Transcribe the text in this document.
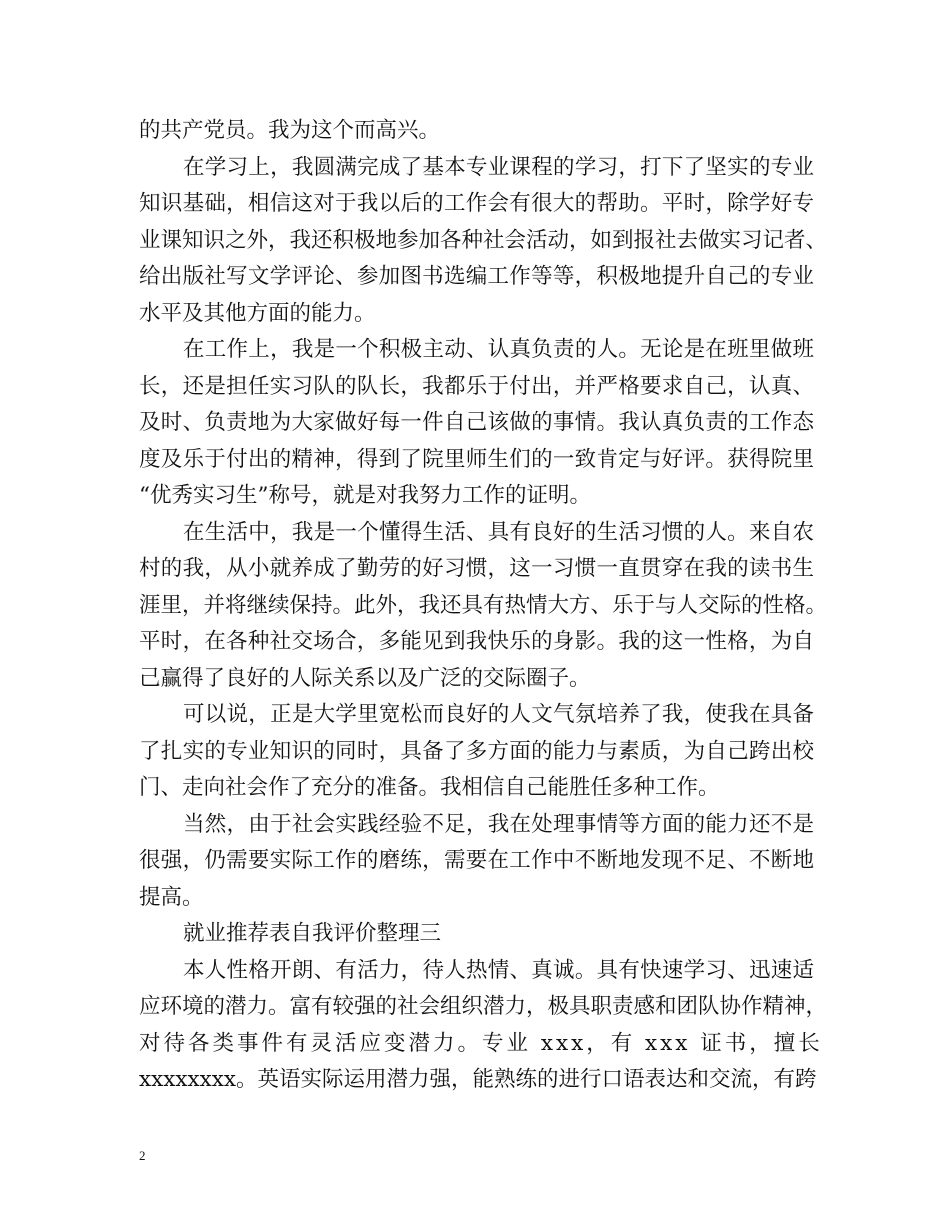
的共产党员。我为这个而高兴。
在学习上，我圆满完成了基本专业课程的学习，打下了坚实的专业
知识基础，相信这对于我以后的工作会有很大的帮助。平时，除学好专
业课知识之外，我还积极地参加各种社会活动，如到报社去做实习记者、
给出版社写文学评论、参加图书选编工作等等，积极地提升自己的专业
水平及其他方面的能力。
在工作上，我是一个积极主动、认真负责的人。无论是在班里做班
长，还是担任实习队的队长，我都乐于付出，并严格要求自己，认真、
及时、负责地为大家做好每一件自己该做的事情。我认真负责的工作态
度及乐于付出的精神，得到了院里师生们的一致肯定与好评。获得院里
“优秀实习生”称号，就是对我努力工作的证明。
在生活中，我是一个懂得生活、具有良好的生活习惯的人。来自农
村的我，从小就养成了勤劳的好习惯，这一习惯一直贯穿在我的读书生
涯里，并将继续保持。此外，我还具有热情大方、乐于与人交际的性格。
平时，在各种社交场合，多能见到我快乐的身影。我的这一性格，为自
己赢得了良好的人际关系以及广泛的交际圈子。
可以说，正是大学里宽松而良好的人文气氛培养了我，使我在具备
了扎实的专业知识的同时，具备了多方面的能力与素质，为自己跨出校
门、走向社会作了充分的准备。我相信自己能胜任多种工作。
当然，由于社会实践经验不足，我在处理事情等方面的能力还不是
很强，仍需要实际工作的磨练，需要在工作中不断地发现不足、不断地
提高。
就业推荐表自我评价整理三
本人性格开朗、有活力，待人热情、真诚。具有快速学习、迅速适
应环境的潜力。富有较强的社会组织潜力，极具职责感和团队协作精神，
对待各类事件有灵活应变潜力。专业 xxx，有 xxx 证书，擅长
xxxxxxxx。英语实际运用潜力强，能熟练的进行口语表达和交流，有跨
2
